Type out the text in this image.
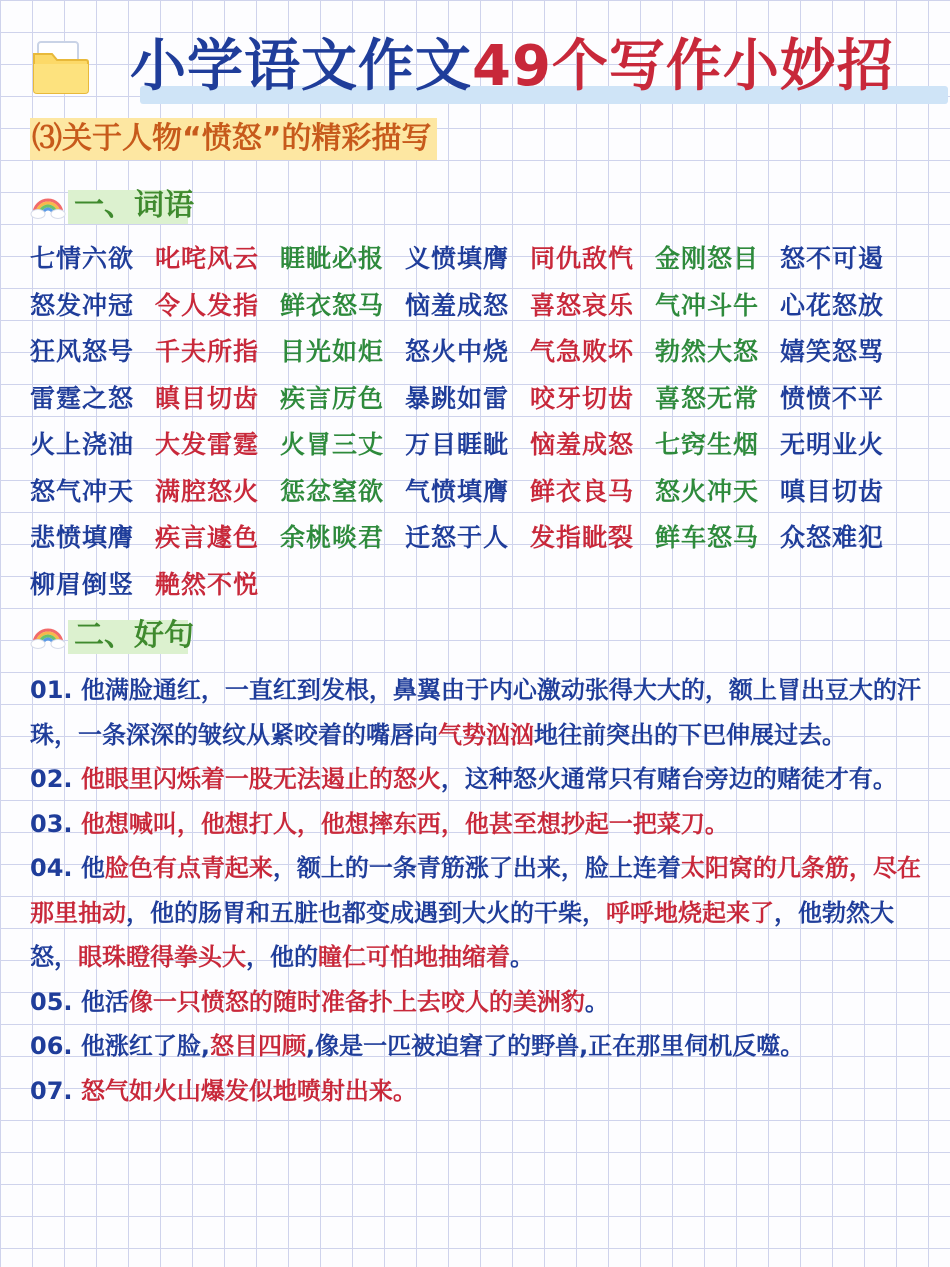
小学语文作文49个写作小妙招
⑶关于人物“愤怒”的精彩描写
一、词语
七情六欲 叱咤风云 睚眦必报 义愤填膺 同仇敌忾 金刚怒目 怒不可遏
怒发冲冠 令人发指 鲜衣怒马 恼羞成怒 喜怒哀乐 气冲斗牛 心花怒放
狂风怒号 千夫所指 目光如炬 怒火中烧 气急败坏 勃然大怒 嬉笑怒骂
雷霆之怒 瞋目切齿 疾言厉色 暴跳如雷 咬牙切齿 喜怒无常 愤愤不平
火上浇油 大发雷霆 火冒三丈 万目睚眦 恼羞成怒 七窍生烟 无明业火
怒气冲天 满腔怒火 惩忿窒欲 气愤填膺 鲜衣良马 怒火冲天 嗔目切齿
悲愤填膺 疾言遽色 余桃啖君 迁怒于人 发指眦裂 鲜车怒马 众怒难犯
柳眉倒竖 艴然不悦
二、好句

01. 他满脸通红，一直红到发根，鼻翼由于内心激动张得大大的，额上冒出豆大的汗珠，一条深深的皱纹从紧咬着的嘴唇向气势汹汹地往前突出的下巴伸展过去。

02. 他眼里闪烁着一股无法遏止的怒火，这种怒火通常只有赌台旁边的赌徒才有。

03. 他想喊叫，他想打人，他想摔东西，他甚至想抄起一把菜刀。

04. 他脸色有点青起来，额上的一条青筋涨了出来，脸上连着太阳窝的几条筋，尽在那里抽动，他的肠胃和五脏也都变成遇到大火的干柴，呼呼地烧起来了，他勃然大怒，眼珠瞪得拳头大，他的瞳仁可怕地抽缩着。

05. 他活像一只愤怒的随时准备扑上去咬人的美洲豹。

06. 他涨红了脸,怒目四顾,像是一匹被迫窘了的野兽,正在那里伺机反噬。

07. 怒气如火山爆发似地喷射出来。
